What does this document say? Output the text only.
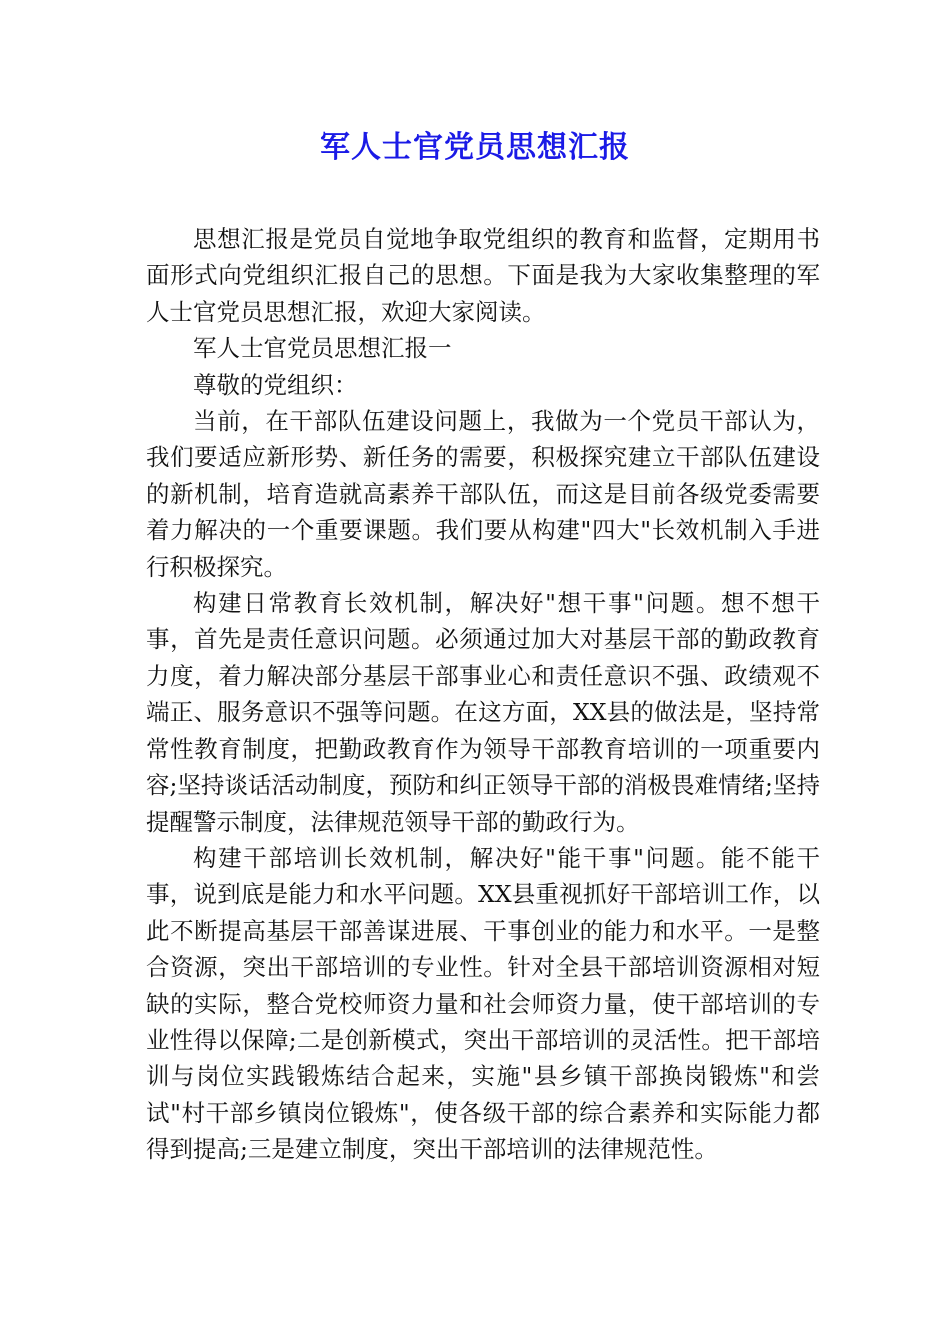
军人士官党员思想汇报

思想汇报是党员自觉地争取党组织的教育和监督，定期用书面形式向党组织汇报自己的思想。下面是我为大家收集整理的军人士官党员思想汇报，欢迎大家阅读。

军人士官党员思想汇报一

尊敬的党组织：

当前，在干部队伍建设问题上，我做为一个党员干部认为，我们要适应新形势、新任务的需要，积极探究建立干部队伍建设的新机制，培育造就高素养干部队伍，而这是目前各级党委需要着力解决的一个重要课题。我们要从构建"四大"长效机制入手进行积极探究。

构建日常教育长效机制，解决好"想干事"问题。想不想干事，首先是责任意识问题。必须通过加大对基层干部的勤政教育力度，着力解决部分基层干部事业心和责任意识不强、政绩观不端正、服务意识不强等问题。在这方面，XX县的做法是，坚持常常性教育制度，把勤政教育作为领导干部教育培训的一项重要内容;坚持谈话活动制度，预防和纠正领导干部的消极畏难情绪;坚持提醒警示制度，法律规范领导干部的勤政行为。

构建干部培训长效机制，解决好"能干事"问题。能不能干事，说到底是能力和水平问题。XX县重视抓好干部培训工作，以此不断提高基层干部善谋进展、干事创业的能力和水平。一是整合资源，突出干部培训的专业性。针对全县干部培训资源相对短缺的实际，整合党校师资力量和社会师资力量，使干部培训的专业性得以保障;二是创新模式，突出干部培训的灵活性。把干部培训与岗位实践锻炼结合起来，实施"县乡镇干部换岗锻炼"和尝试"村干部乡镇岗位锻炼"，使各级干部的综合素养和实际能力都得到提高;三是建立制度，突出干部培训的法律规范性。
